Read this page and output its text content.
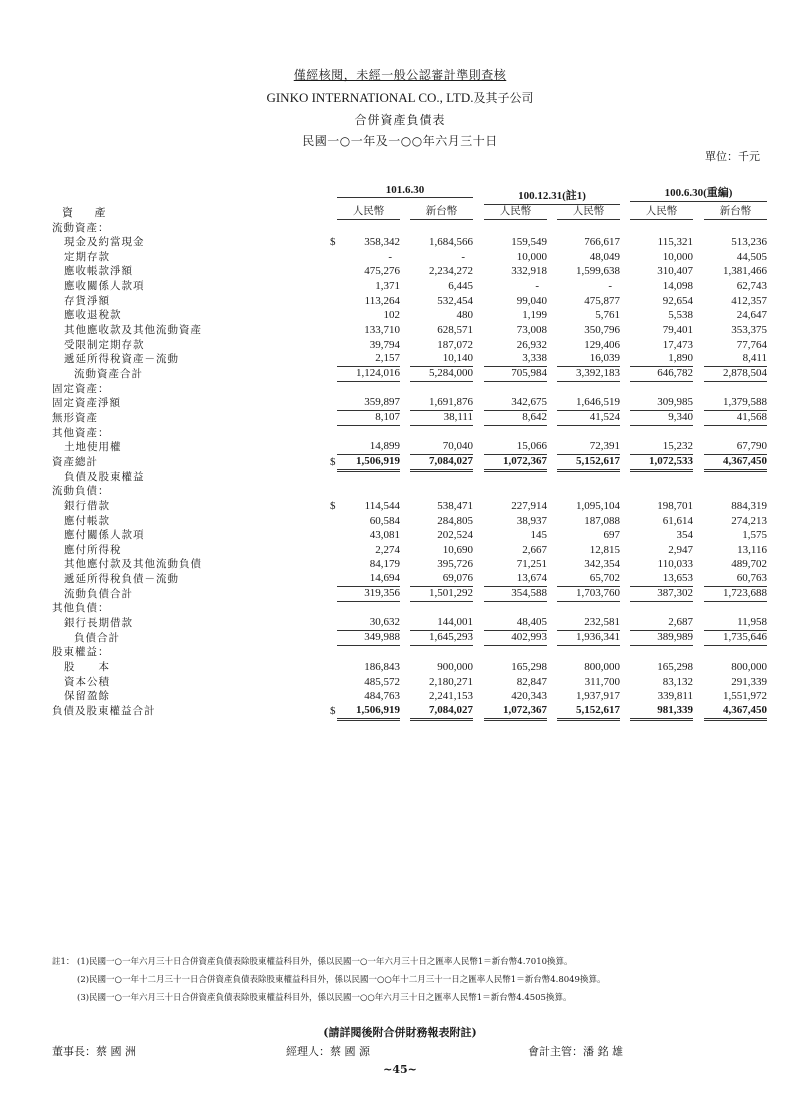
僅經核閱，未經一般公認審計準則查核
GINKO INTERNATIONAL CO., LTD.及其子公司
合併資產負債表
民國一○一年及一○○年六月三十日
單位：千元
101.6.30	100.12.31(註1)	100.6.30(重編)
人民幣	新台幣	人民幣	人民幣	人民幣	新台幣
資 產
流動資產：
現金及約當現金	$	358,342	1,684,566	159,549	766,617	115,321	513,236
定期存款	-	-	10,000	48,049	10,000	44,505
應收帳款淨額	475,276	2,234,272	332,918	1,599,638	310,407	1,381,466
應收關係人款項	1,371	6,445	-	-	14,098	62,743
存貨淨額	113,264	532,454	99,040	475,877	92,654	412,357
應收退稅款	102	480	1,199	5,761	5,538	24,647
其他應收款及其他流動資產	133,710	628,571	73,008	350,796	79,401	353,375
受限制定期存款	39,794	187,072	26,932	129,406	17,473	77,764
遞延所得稅資產－流動	2,157	10,140	3,338	16,039	1,890	8,411
流動資產合計	1,124,016	5,284,000	705,984	3,392,183	646,782	2,878,504
固定資產：
固定資產淨額	359,897	1,691,876	342,675	1,646,519	309,985	1,379,588
無形資產	8,107	38,111	8,642	41,524	9,340	41,568
其他資產：
土地使用權	14,899	70,040	15,066	72,391	15,232	67,790
資產總計	$	1,506,919	7,084,027	1,072,367	5,152,617	1,072,533	4,367,450
負債及股東權益
流動負債：
銀行借款	$	114,544	538,471	227,914	1,095,104	198,701	884,319
應付帳款	60,584	284,805	38,937	187,088	61,614	274,213
應付關係人款項	43,081	202,524	145	697	354	1,575
應付所得稅	2,274	10,690	2,667	12,815	2,947	13,116
其他應付款及其他流動負債	84,179	395,726	71,251	342,354	110,033	489,702
遞延所得稅負債－流動	14,694	69,076	13,674	65,702	13,653	60,763
流動負債合計	319,356	1,501,292	354,588	1,703,760	387,302	1,723,688
其他負債：
銀行長期借款	30,632	144,001	48,405	232,581	2,687	11,958
負債合計	349,988	1,645,293	402,993	1,936,341	389,989	1,735,646
股東權益：
股　　本	186,843	900,000	165,298	800,000	165,298	800,000
資本公積	485,572	2,180,271	82,847	311,700	83,132	291,339
保留盈餘	484,763	2,241,153	420,343	1,937,917	339,811	1,551,972
負債及股東權益合計	$	1,506,919	7,084,027	1,072,367	5,152,617	981,339	4,367,450
註1： (1)民國一○一年六月三十日合併資產負債表除股東權益科目外，係以民國一○一年六月三十日之匯率人民幣1＝新台幣4.7010換算。
(2)民國一○一年十二月三十一日合併資產負債表除股東權益科目外，係以民國一○○年十二月三十一日之匯率人民幣1＝新台幣4.8049換算。
(3)民國一○一年六月三十日合併資產負債表除股東權益科目外，係以民國一○○年六月三十日之匯率人民幣1＝新台幣4.4505換算。
(請詳閱後附合併財務報表附註)
董事長：蔡 國 洲	經理人：蔡 國 源	會計主管：潘 銘 雄
~45~
